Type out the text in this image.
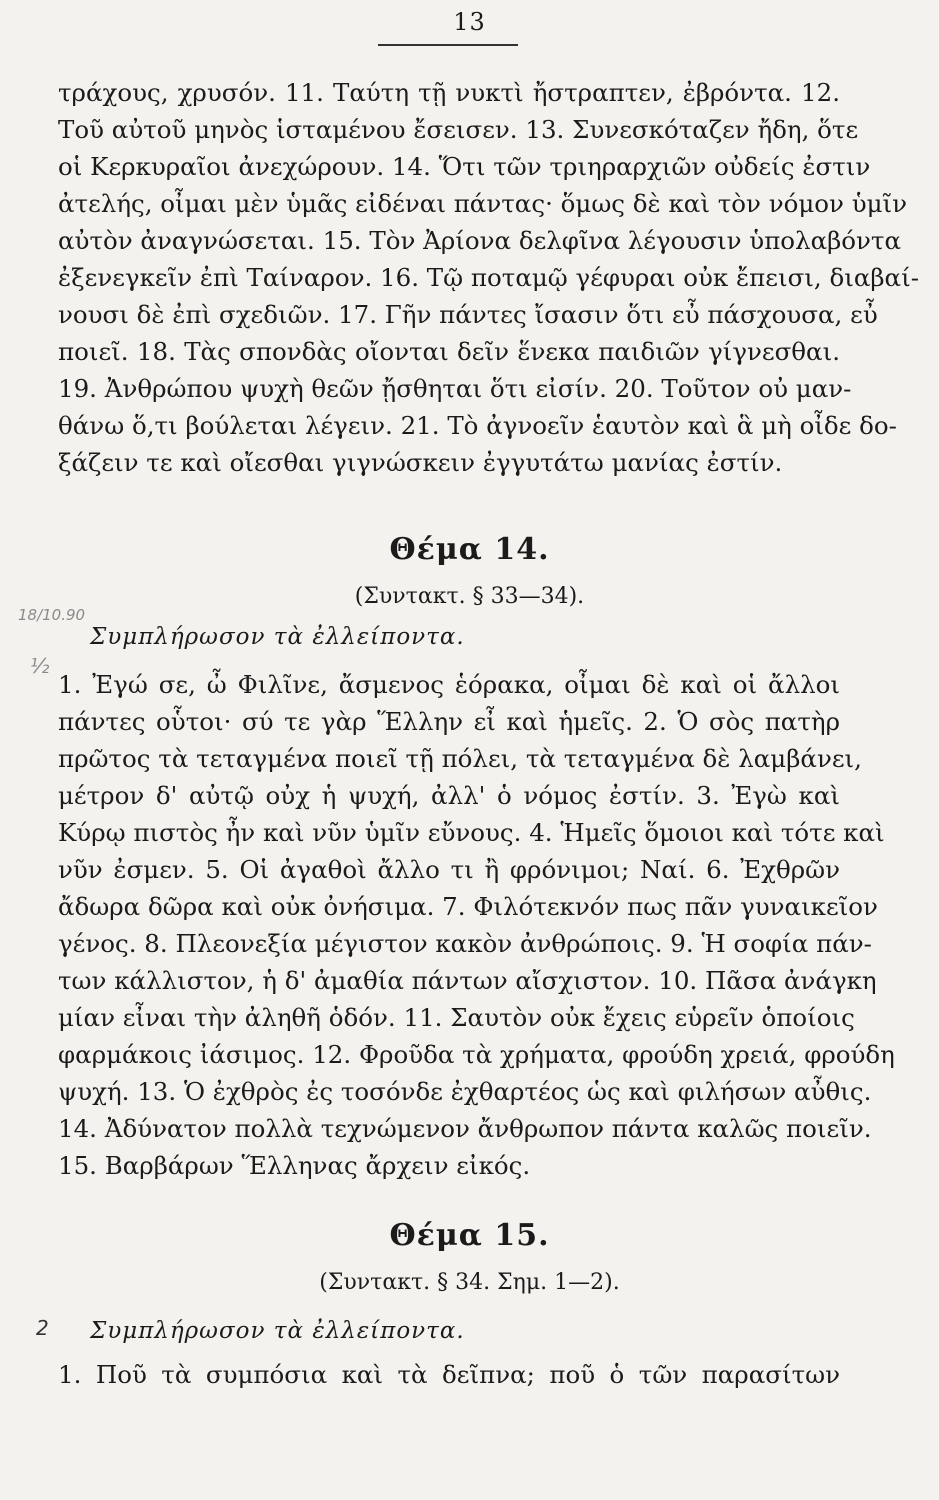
13
τράχους, χρυσόν. 11. Ταύτη τῇ νυκτὶ ἤστραπτεν, ἐβρόντα. 12.
Τοῦ αὐτοῦ μηνὸς ἱσταμένου ἔσεισεν. 13. Συνεσκόταζεν ἤδη, ὅτε
οἱ Κερκυραῖοι ἀνεχώρουν. 14. Ὅτι τῶν τριηραρχιῶν οὐδείς ἐστιν
ἀτελής, οἶμαι μὲν ὑμᾶς εἰδέναι πάντας· ὅμως δὲ καὶ τὸν νόμον ὑμῖν
αὐτὸν ἀναγνώσεται. 15. Τὸν Ἀρίονα δελφῖνα λέγουσιν ὑπολαβόντα
ἐξενεγκεῖν ἐπὶ Ταίναρον. 16. Τῷ ποταμῷ γέφυραι οὐκ ἔπεισι, διαβαί-
νουσι δὲ ἐπὶ σχεδιῶν. 17. Γῆν πάντες ἴσασιν ὅτι εὖ πάσχουσα, εὖ
ποιεῖ. 18. Τὰς σπονδὰς οἴονται δεῖν ἕνεκα παιδιῶν γίγνεσθαι.
19. Ἀνθρώπου ψυχὴ θεῶν ᾔσθηται ὅτι εἰσίν. 20. Τοῦτον οὐ μαν-
θάνω ὅ,τι βούλεται λέγειν. 21. Τὸ ἀγνοεῖν ἑαυτὸν καὶ ἃ μὴ οἶδε δο-
ξάζειν τε καὶ οἴεσθαι γιγνώσκειν ἐγγυτάτω μανίας ἐστίν.
Θέμα 14.
(Συντακτ. § 33—34).
18/10.90
½
Συμπλήρωσον τὰ ἐλλείποντα.
1. Ἐγώ σε, ὦ Φιλῖνε, ἄσμενος ἑόρακα, οἶμαι δὲ καὶ οἱ ἄλλοι
πάντες οὗτοι· σύ τε γὰρ Ἕλλην εἶ καὶ ἡμεῖς. 2. Ὁ σὸς πατὴρ
πρῶτος τὰ τεταγμένα ποιεῖ τῇ πόλει, τὰ τεταγμένα δὲ λαμβάνει,
μέτρον δ' αὐτῷ οὐχ ἡ ψυχή, ἀλλ' ὁ νόμος ἐστίν. 3. Ἐγὼ καὶ
Κύρῳ πιστὸς ἦν καὶ νῦν ὑμῖν εὔνους. 4. Ἡμεῖς ὅμοιοι καὶ τότε καὶ
νῦν ἐσμεν. 5. Οἱ ἀγαθοὶ ἄλλο τι ἢ φρόνιμοι; Ναί. 6. Ἐχθρῶν
ἄδωρα δῶρα καὶ οὐκ ὀνήσιμα. 7. Φιλότεκνόν πως πᾶν γυναικεῖον
γένος. 8. Πλεονεξία μέγιστον κακὸν ἀνθρώποις. 9. Ἡ σοφία πάν-
των κάλλιστον, ἡ δ' ἀμαθία πάντων αἴσχιστον. 10. Πᾶσα ἀνάγκη
μίαν εἶναι τὴν ἀληθῆ ὁδόν. 11. Σαυτὸν οὐκ ἔχεις εὑρεῖν ὁποίοις
φαρμάκοις ἰάσιμος. 12. Φροῦδα τὰ χρήματα, φρούδη χρειά, φρούδη
ψυχή. 13. Ὁ ἐχθρὸς ἐς τοσόνδε ἐχθαρτέος ὡς καὶ φιλήσων αὖθις.
14. Ἀδύνατον πολλὰ τεχνώμενον ἄνθρωπον πάντα καλῶς ποιεῖν.
15. Βαρβάρων Ἕλληνας ἄρχειν εἰκός.
Θέμα 15.
(Συντακτ. § 34. Σημ. 1—2).
2 Συμπλήρωσον τὰ ἐλλείποντα.
1. Ποῦ τὰ συμπόσια καὶ τὰ δεῖπνα; ποῦ ὁ τῶν παρασίτων
